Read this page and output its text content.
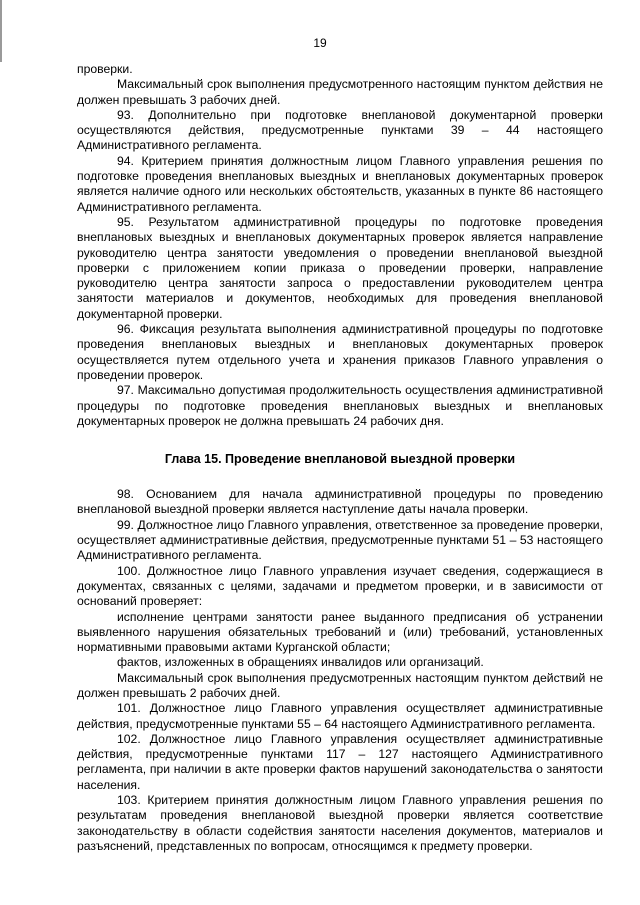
19

проверки.

Максимальный срок выполнения предусмотренного настоящим пунктом действия не должен превышать 3 рабочих дней.

93. Дополнительно при подготовке внеплановой документарной проверки осуществляются действия, предусмотренные пунктами 39 – 44 настоящего Административного регламента.

94. Критерием принятия должностным лицом Главного управления решения по подготовке проведения внеплановых выездных и внеплановых документарных проверок является наличие одного или нескольких обстоятельств, указанных в пункте 86 настоящего Административного регламента.

95. Результатом административной процедуры по подготовке проведения внеплановых выездных и внеплановых документарных проверок является направление руководителю центра занятости уведомления о проведении внеплановой выездной проверки с приложением копии приказа о проведении проверки, направление руководителю центра занятости запроса о предоставлении руководителем центра занятости материалов и документов, необходимых для проведения внеплановой документарной проверки.

96. Фиксация результата выполнения административной процедуры по подготовке проведения внеплановых выездных и внеплановых документарных проверок осуществляется путем отдельного учета и хранения приказов Главного управления о проведении проверок.

97. Максимально допустимая продолжительность осуществления административной процедуры по подготовке проведения внеплановых выездных и внеплановых документарных проверок не должна превышать 24 рабочих дня.

Глава 15. Проведение внеплановой выездной проверки

98. Основанием для начала административной процедуры по проведению внеплановой выездной проверки является наступление даты начала проверки.

99. Должностное лицо Главного управления, ответственное за проведение проверки, осуществляет административные действия, предусмотренные пунктами 51 – 53 настоящего Административного регламента.

100. Должностное лицо Главного управления изучает сведения, содержащиеся в документах, связанных с целями, задачами и предметом проверки, и в зависимости от оснований проверяет:

исполнение центрами занятости ранее выданного предписания об устранении выявленного нарушения обязательных требований и (или) требований, установленных нормативными правовыми актами Курганской области;

фактов, изложенных в обращениях инвалидов или организаций.

Максимальный срок выполнения предусмотренных настоящим пунктом действий не должен превышать 2 рабочих дней.

101. Должностное лицо Главного управления осуществляет административные действия, предусмотренные пунктами 55 – 64 настоящего Административного регламента.

102. Должностное лицо Главного управления осуществляет административные действия, предусмотренные пунктами 117 – 127 настоящего Административного регламента, при наличии в акте проверки фактов нарушений законодательства о занятости населения.

103. Критерием принятия должностным лицом Главного управления решения по результатам проведения внеплановой выездной проверки является соответствие законодательству в области содействия занятости населения документов, материалов и разъяснений, представленных по вопросам, относящимся к предмету проверки.
